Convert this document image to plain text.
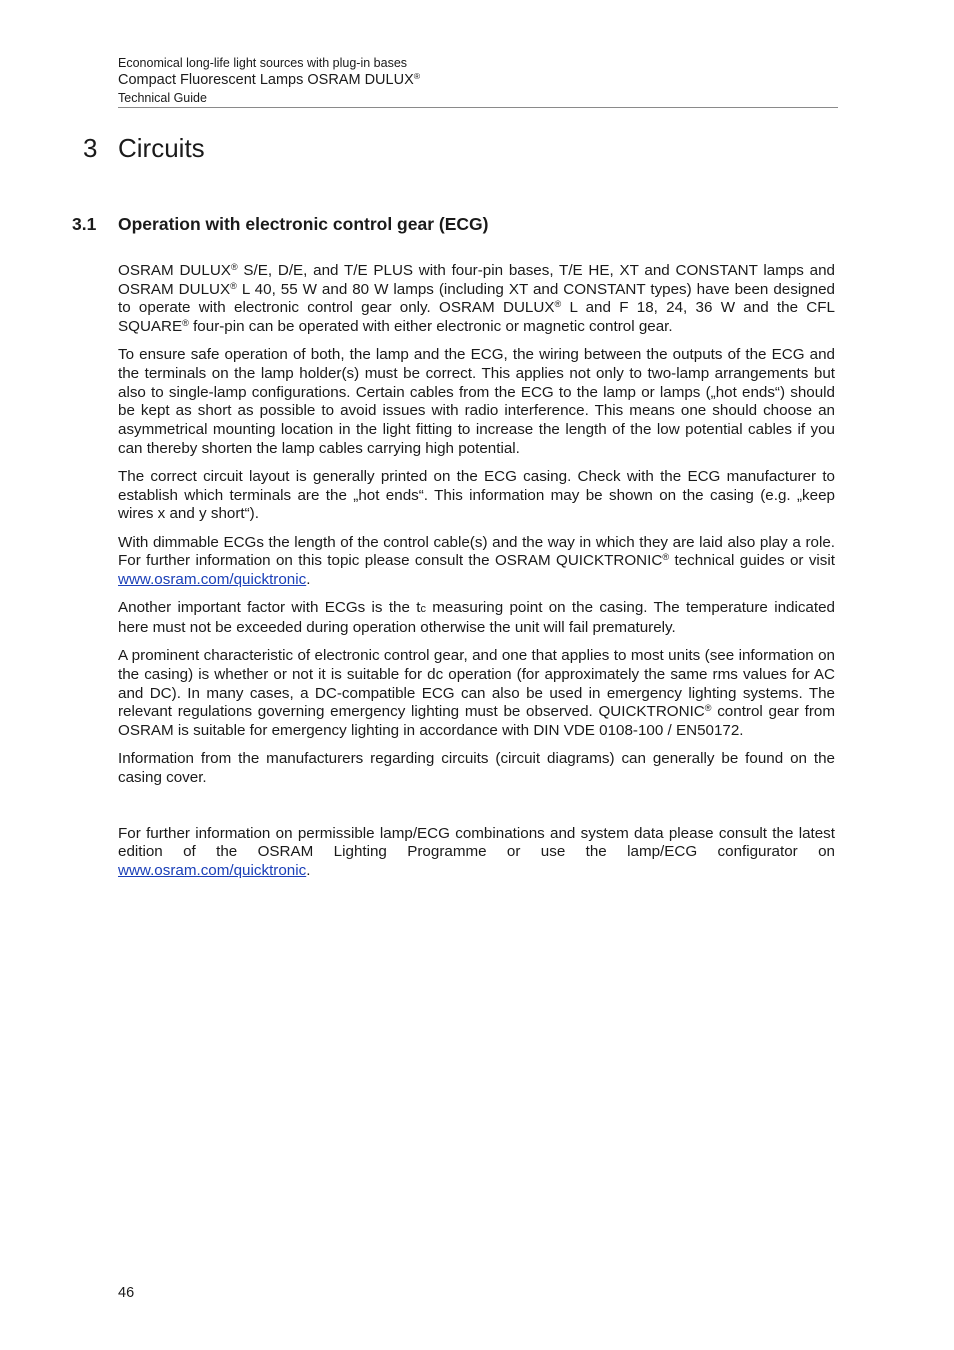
Economical long-life light sources with plug-in bases
Compact Fluorescent Lamps OSRAM DULUX®
Technical Guide
3 Circuits
3.1 Operation with electronic control gear (ECG)

OSRAM DULUX® S/E, D/E, and T/E PLUS with four-pin bases, T/E HE, XT and CONSTANT lamps and OSRAM DULUX® L 40, 55 W and 80 W lamps (including XT and CONSTANT types) have been designed to operate with electronic control gear only. OSRAM DULUX® L and F 18, 24, 36 W and the CFL SQUARE® four-pin can be operated with either electronic or magnetic control gear.

To ensure safe operation of both, the lamp and the ECG, the wiring between the outputs of the ECG and the terminals on the lamp holder(s) must be correct. This applies not only to two-lamp arrangements but also to single-lamp configurations. Certain cables from the ECG to the lamp or lamps („hot ends“) should be kept as short as possible to avoid issues with radio interference. This means one should choose an asymmetrical mounting location in the light fitting to increase the length of the low potential cables if you can thereby shorten the lamp cables carrying high potential.

The correct circuit layout is generally printed on the ECG casing. Check with the ECG manufacturer to establish which terminals are the „hot ends“. This information may be shown on the casing (e.g. „keep wires x and y short“).

With dimmable ECGs the length of the control cable(s) and the way in which they are laid also play a role. For further information on this topic please consult the OSRAM QUICKTRONIC® technical guides or visit www.osram.com/quicktronic.

Another important factor with ECGs is the tc measuring point on the casing. The temperature indicated here must not be exceeded during operation otherwise the unit will fail prematurely.

A prominent characteristic of electronic control gear, and one that applies to most units (see information on the casing) is whether or not it is suitable for dc operation (for approximately the same rms values for AC and DC). In many cases, a DC-compatible ECG can also be used in emergency lighting systems. The relevant regulations governing emergency lighting must be observed. QUICKTRONIC® control gear from OSRAM is suitable for emergency lighting in accordance with DIN VDE 0108-100 / EN50172.

Information from the manufacturers regarding circuits (circuit diagrams) can generally be found on the casing cover.

For further information on permissible lamp/ECG combinations and system data please consult the latest edition of the OSRAM Lighting Programme or use the lamp/ECG configurator on www.osram.com/quicktronic.

46
